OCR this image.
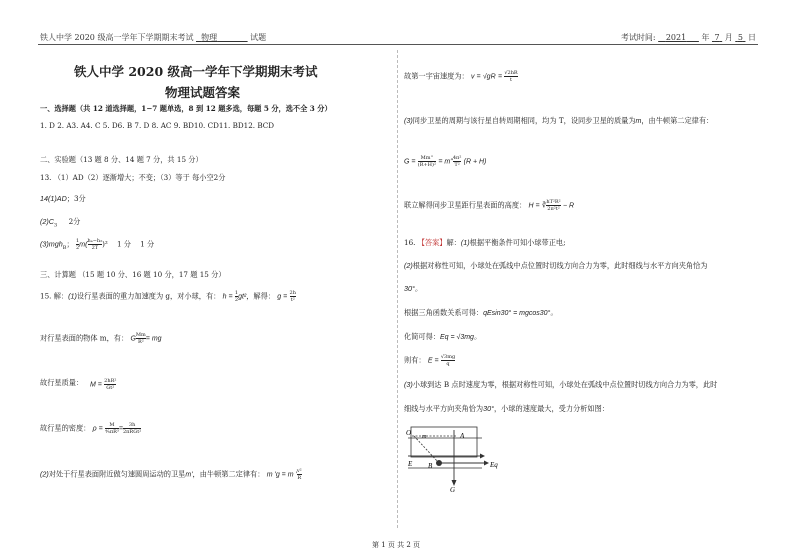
铁人中学 2020 级高一学年下学期期末考试 物理	试题	考试时间: 2021 年 7 月 5 日
铁人中学 2020 级高一学年下学期期末考试
物理试题答案
一、选择题（共 12 道选择题，1−7 题单选，8 到 12 题多选，每题 5 分，选不全 3 分）
1. D 2. A3. A4. C 5. D6. B 7. D 8. AC 9. BD10. CD11. BD12. BCD
二、实验题（13 题 8 分、14 题 7 分，共 15 分）
13. （1）AD（2）逐渐增大；不变；（3）等于 每小空2分
14(1)AD；3分
$(2)C_3$ 2分
(3)mgh$_B$； $\frac{1}{2} m( \frac{\text{hₐ−h₂}}{2T} )^2$ 1 分 1 分
三、计算题 （15 题 10 分、16 题 10 分，17 题 15 分）
15. 解：(1)设行星表面的重力加速度为 g，对小球，有： $h = \frac{1}{2} gt^2$，解得： $g = \frac{2h}{\text{t²}}$
对行星表面的物体 m，有： G $\frac{Mm}{\text{R²}}$ = mg
故行星质量： $M = \frac{\text{2hR²}}{\text{Gt²}}$
故行星的密度： $\rho = \frac{M}{\text{⁴⁄₃πR³}} = \frac{3h}{\text{2πRGt²}}$
(2)对处于行星表面附近做匀速圆周运动的卫星m'，由牛顿第二定律有： m 'g = m ' $\frac{\text{v²}}{R}$
故第一宇宙速度为： $v = √gR = \frac{√2hR}{t}$
(3)同步卫星的周期与该行星自转周期相同，均为 T，设同步卫星的质量为m，由牛顿第二定律有：
$G = \frac{Mm''}{\text{(R+H)²}} = m'' \frac{\text{4π²}}{\text{T²}} (R + H)$
联立解得同步卫星距行星表面的高度： H = ∛ $\frac{\text{hT²R²}}{\text{2π²t²}} - R$
16. 【答案】解：(1)根据平衡条件可知小球带正电;
(2)根据对称性可知，小球处在弧线中点位置时切线方向合力为零，此时细线与水平方向夹角恰为
30°。
根据三角函数关系可得：qEsin30° = mgcos30°。
化简可得：Eq = √3mg。
则有： $E = \frac{√3mg}{q}$
(3)小球到达 B 点时速度为零，根据对称性可知，小球处在弧线中点位置时切线方向合力为零，此时
细线与水平方向夹角恰为30°，小球的速度最大，受力分析如图：
O m	A
E B	Eq
G
第 1 页 共 2 页
